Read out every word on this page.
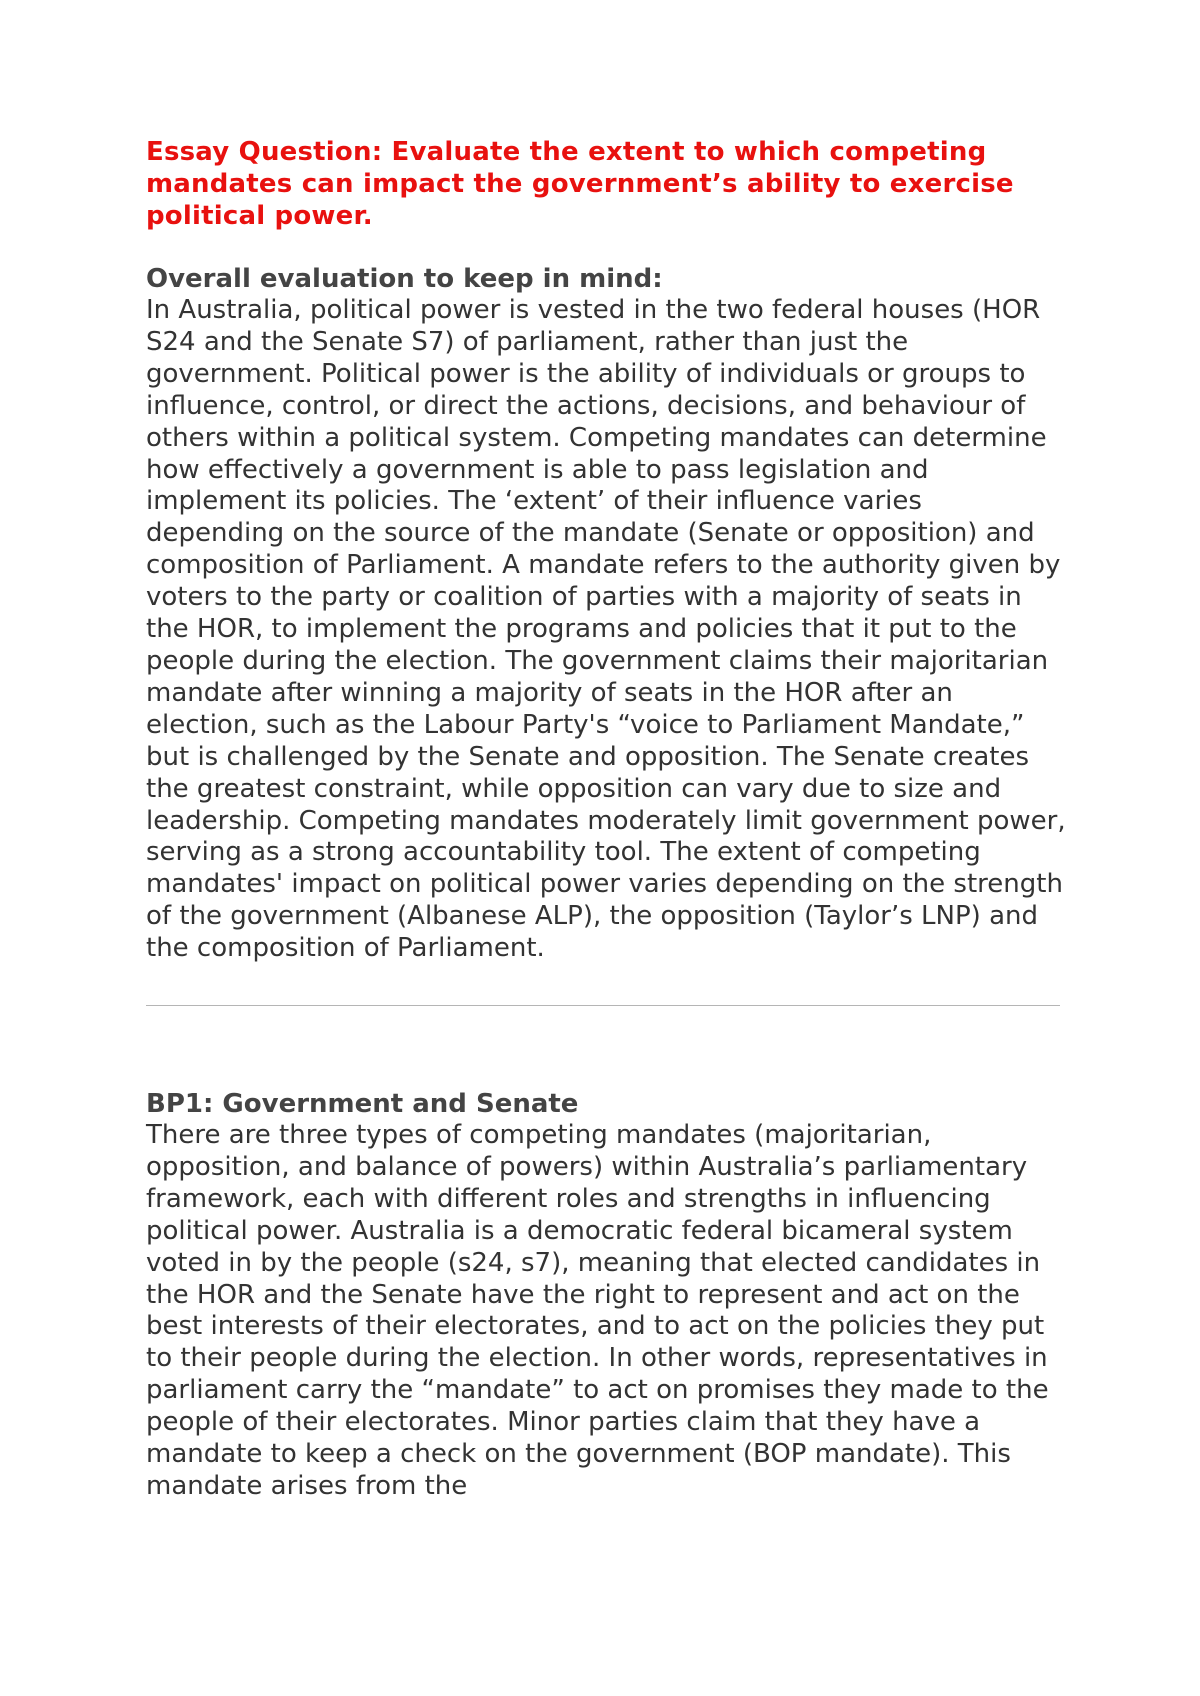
Essay Question: Evaluate the extent to which competing mandates can impact the government’s ability to exercise political power.

Overall evaluation to keep in mind:

In Australia, political power is vested in the two federal houses (HOR S24 and the Senate S7) of parliament, rather than just the government. Political power is the ability of individuals or groups to influence, control, or direct the actions, decisions, and behaviour of others within a political system. Competing mandates can determine how effectively a government is able to pass legislation and implement its policies. The ‘extent’ of their influence varies depending on the source of the mandate (Senate or opposition) and composition of Parliament. A mandate refers to the authority given by voters to the party or coalition of parties with a majority of seats in the HOR, to implement the programs and policies that it put to the people during the election. The government claims their majoritarian mandate after winning a majority of seats in the HOR after an election, such as the Labour Party's “voice to Parliament Mandate,” but is challenged by the Senate and opposition. The Senate creates the greatest constraint, while opposition can vary due to size and leadership. Competing mandates moderately limit government power, serving as a strong accountability tool. The extent of competing mandates' impact on political power varies depending on the strength of the government (Albanese ALP), the opposition (Taylor’s LNP) and the composition of Parliament.

BP1: Government and Senate

There are three types of competing mandates (majoritarian, opposition, and balance of powers) within Australia’s parliamentary framework, each with different roles and strengths in influencing political power. Australia is a democratic federal bicameral system voted in by the people (s24, s7), meaning that elected candidates in the HOR and the Senate have the right to represent and act on the best interests of their electorates, and to act on the policies they put to their people during the election. In other words, representatives in parliament carry the “mandate” to act on promises they made to the people of their electorates. Minor parties claim that they have a mandate to keep a check on the government (BOP mandate). This mandate arises from the
